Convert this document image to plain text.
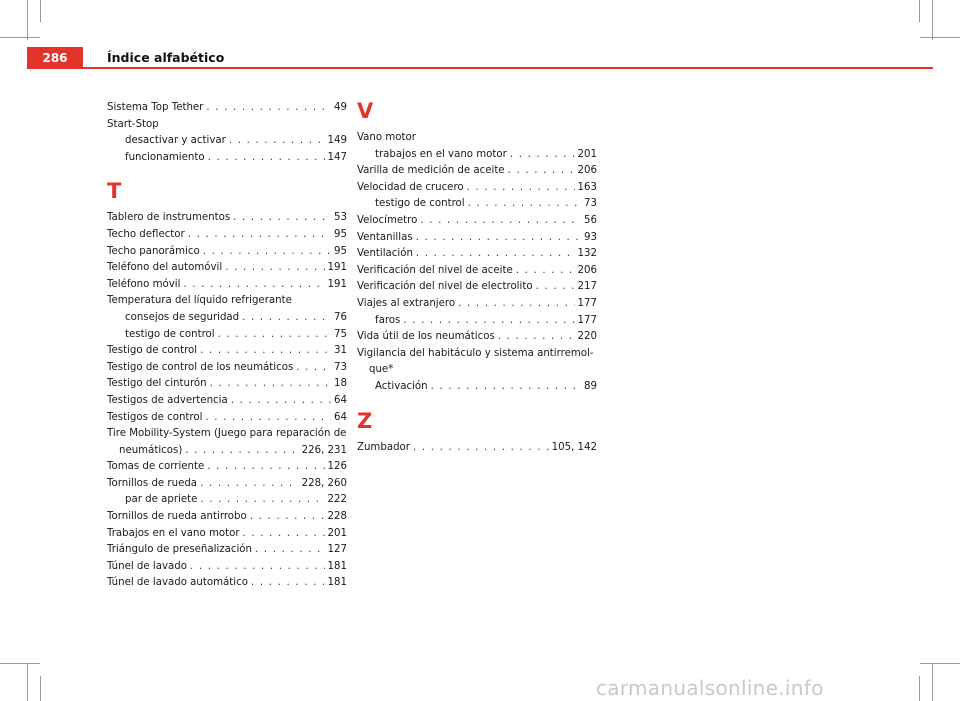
286	Índice alfabético
Sistema Top Tether . . .	49
Start-Stop
desactivar y activar . . .	149
funcionamiento . . .	147
T
Tablero de instrumentos . . .	53
Techo deflector . . .	95
Techo panorámico . . .	95
Teléfono del automóvil . . .	191
Teléfono móvil . . .	191
Temperatura del líquido refrigerante
consejos de seguridad . . .	76
testigo de control . . .	75
Testigo de control . . .	31
Testigo de control de los neumáticos . . .	73
Testigo del cinturón . . .	18
Testigos de advertencia . . .	64
Testigos de control . . .	64
Tire Mobility-System (Juego para reparación de
neumáticos) . . .	226, 231
Tomas de corriente . . .	126
Tornillos de rueda . . .	228, 260
par de apriete . . .	222
Tornillos de rueda antirrobo . . .	228
Trabajos en el vano motor . . .	201
Triángulo de preseñalización . . .	127
Túnel de lavado . . .	181
Túnel de lavado automático . . .	181
V
Vano motor
trabajos en el vano motor . . .	201
Varilla de medición de aceite . . .	206
Velocidad de crucero . . .	163
testigo de control . . .	73
Velocímetro . . .	56
Ventanillas . . .	93
Ventilación . . .	132
Verificación del nivel de aceite . . .	206
Verificación del nivel de electrolito . . .	217
Viajes al extranjero . . .	177
faros . . .	177
Vida útil de los neumáticos . . .	220
Vigilancia del habitáculo y sistema antirremol-
que*
Activación . . .	89
Z
Zumbador . . .	105, 142
carmanualsonline.info
